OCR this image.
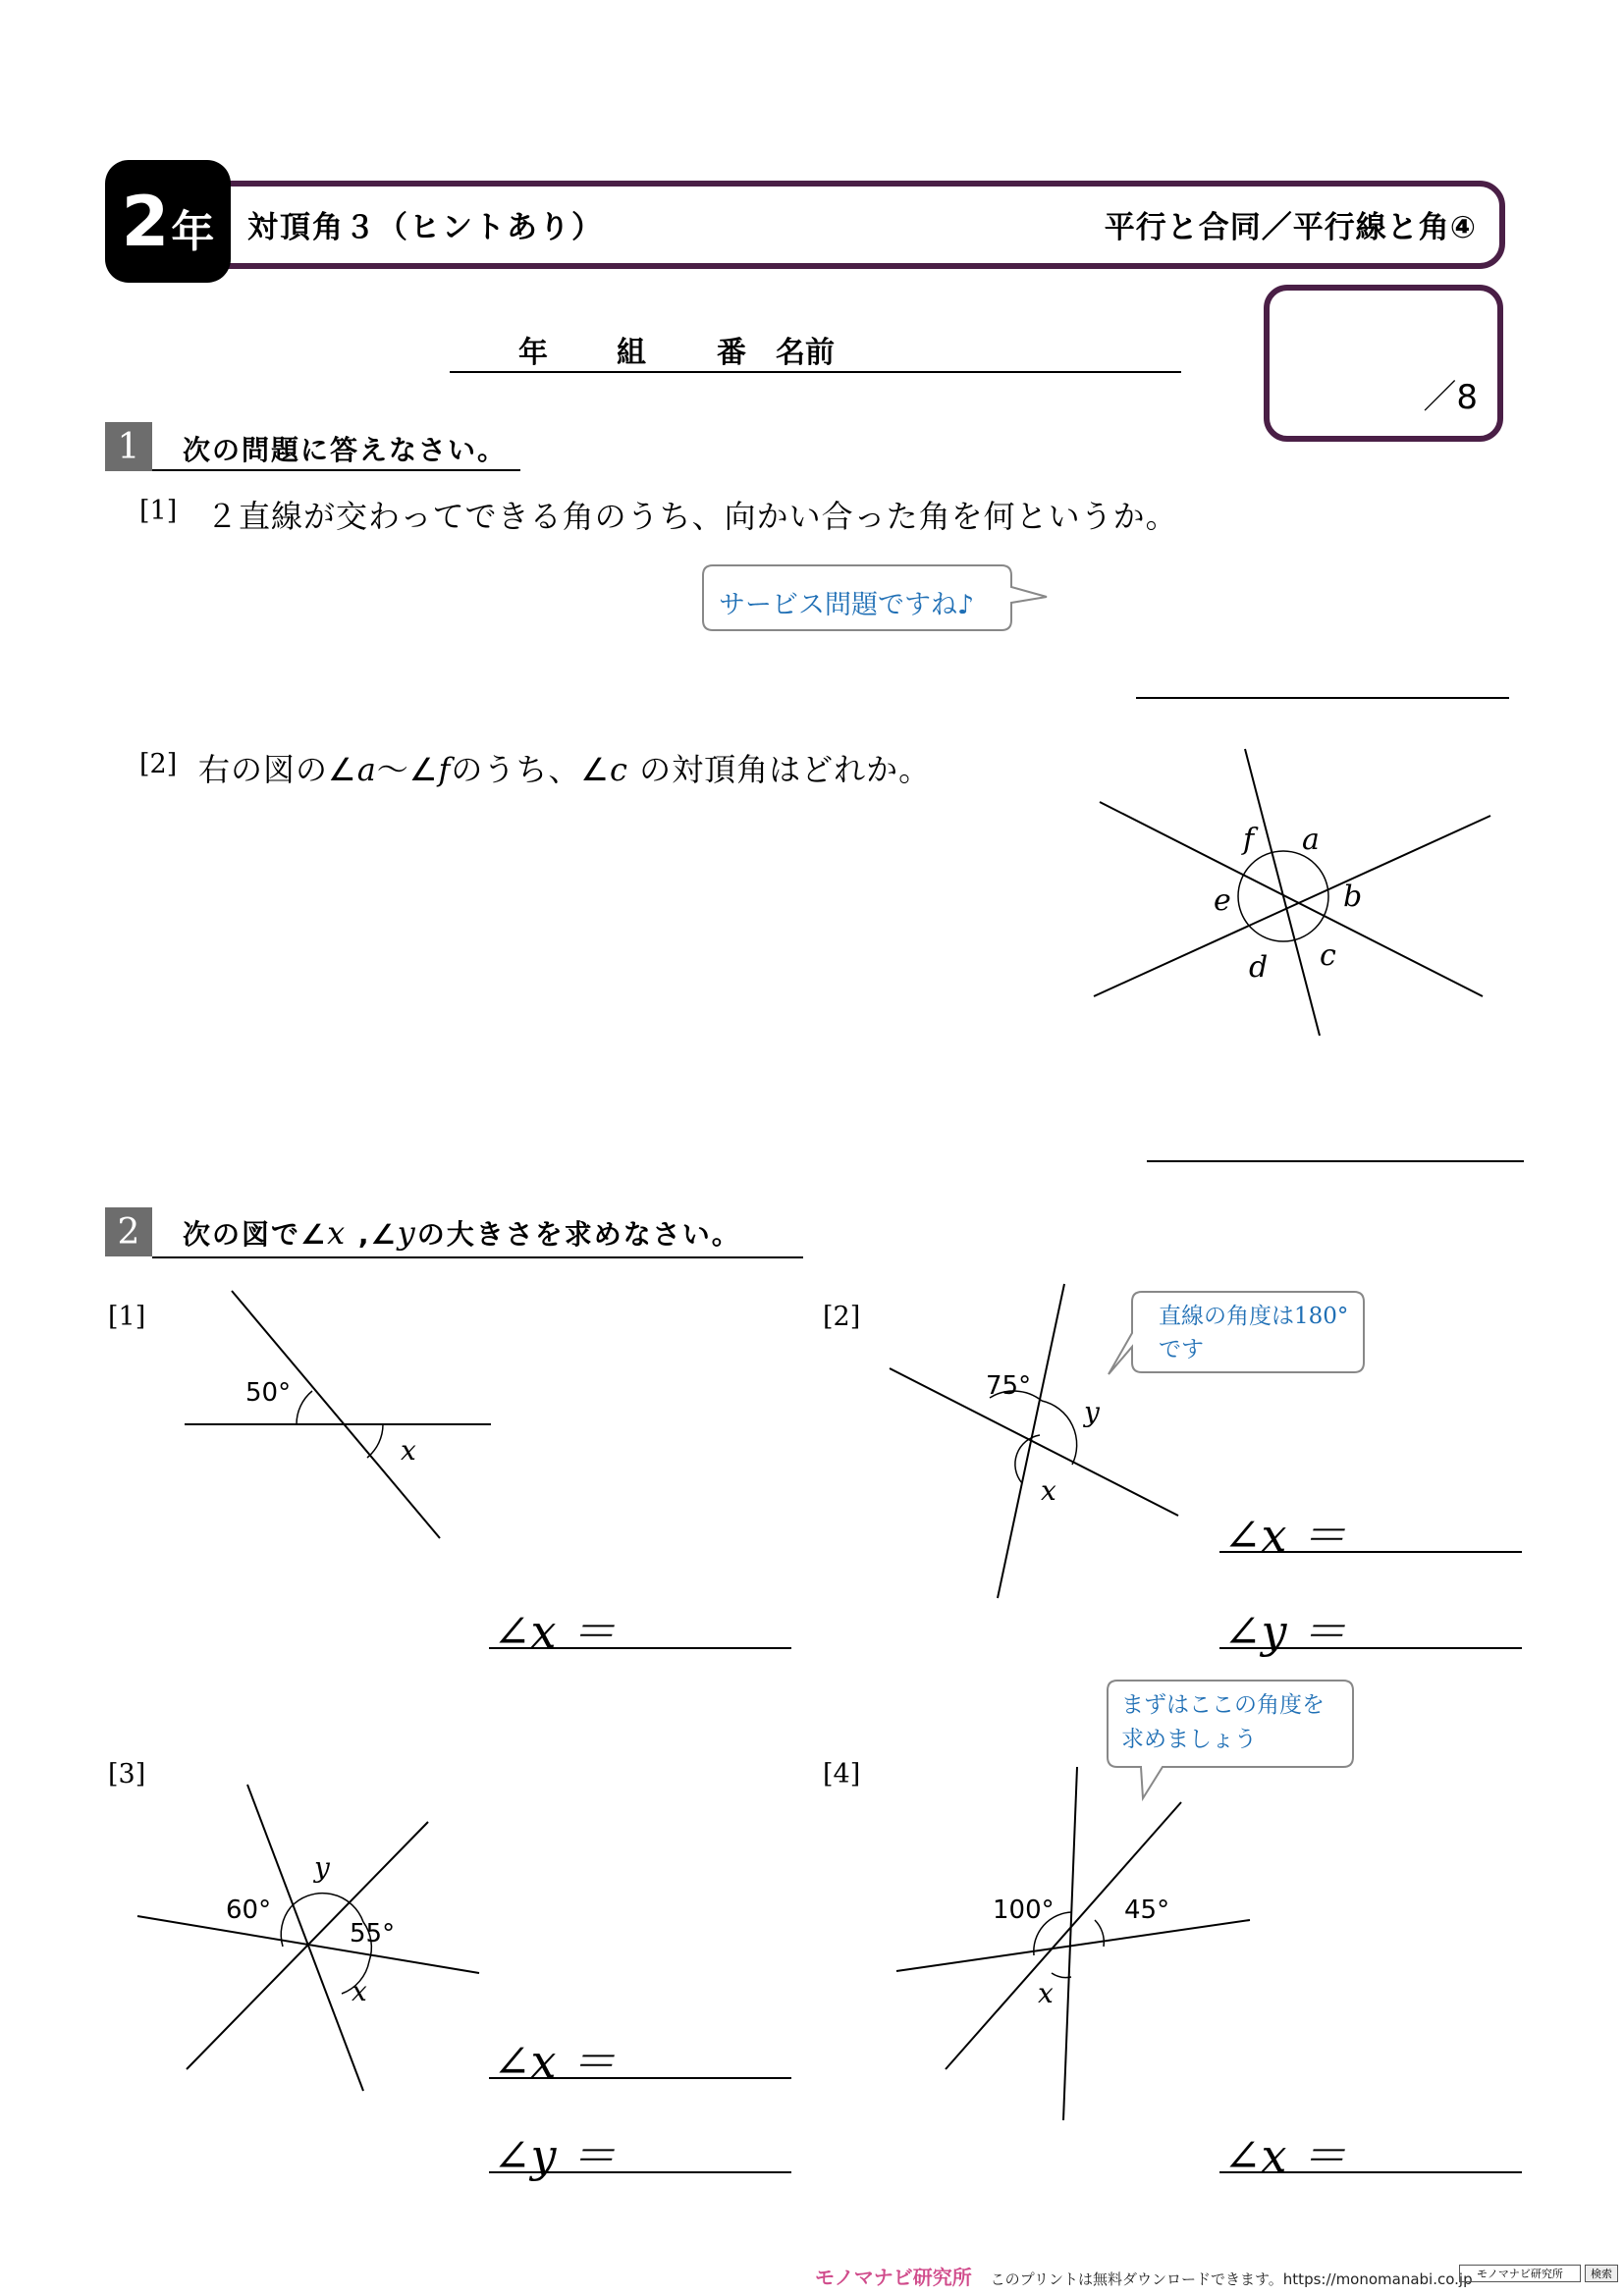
2 年 対頂角３（ヒントあり）	平行と合同／平行線と角④
年 組 番 名前
／8
1	次の問題に答えなさい。
[1] ２直線が交わってできる角のうち、向かい合った角を何というか。
サービス問題ですね♪
[2] 右の図の∠a～∠fのうち、∠c の対頂角はどれか。
a
b
c
d
e
f
2	次の図で∠x ,∠yの大きさを求めなさい。
[1]
50°
x
∠x ＝
[2]
75°
y
x
直線の角度は180°
です
∠x ＝
∠y ＝
[3]
60°
55°
y
x
∠x ＝
∠y ＝
[4]
100°	45°
x
まずはここの角度を
求めましょう
∠x ＝
モノマナビ研究所 このプリントは無料ダウンロードできます。https://monomanabi.co.jp モノマナビ研究所	検索
